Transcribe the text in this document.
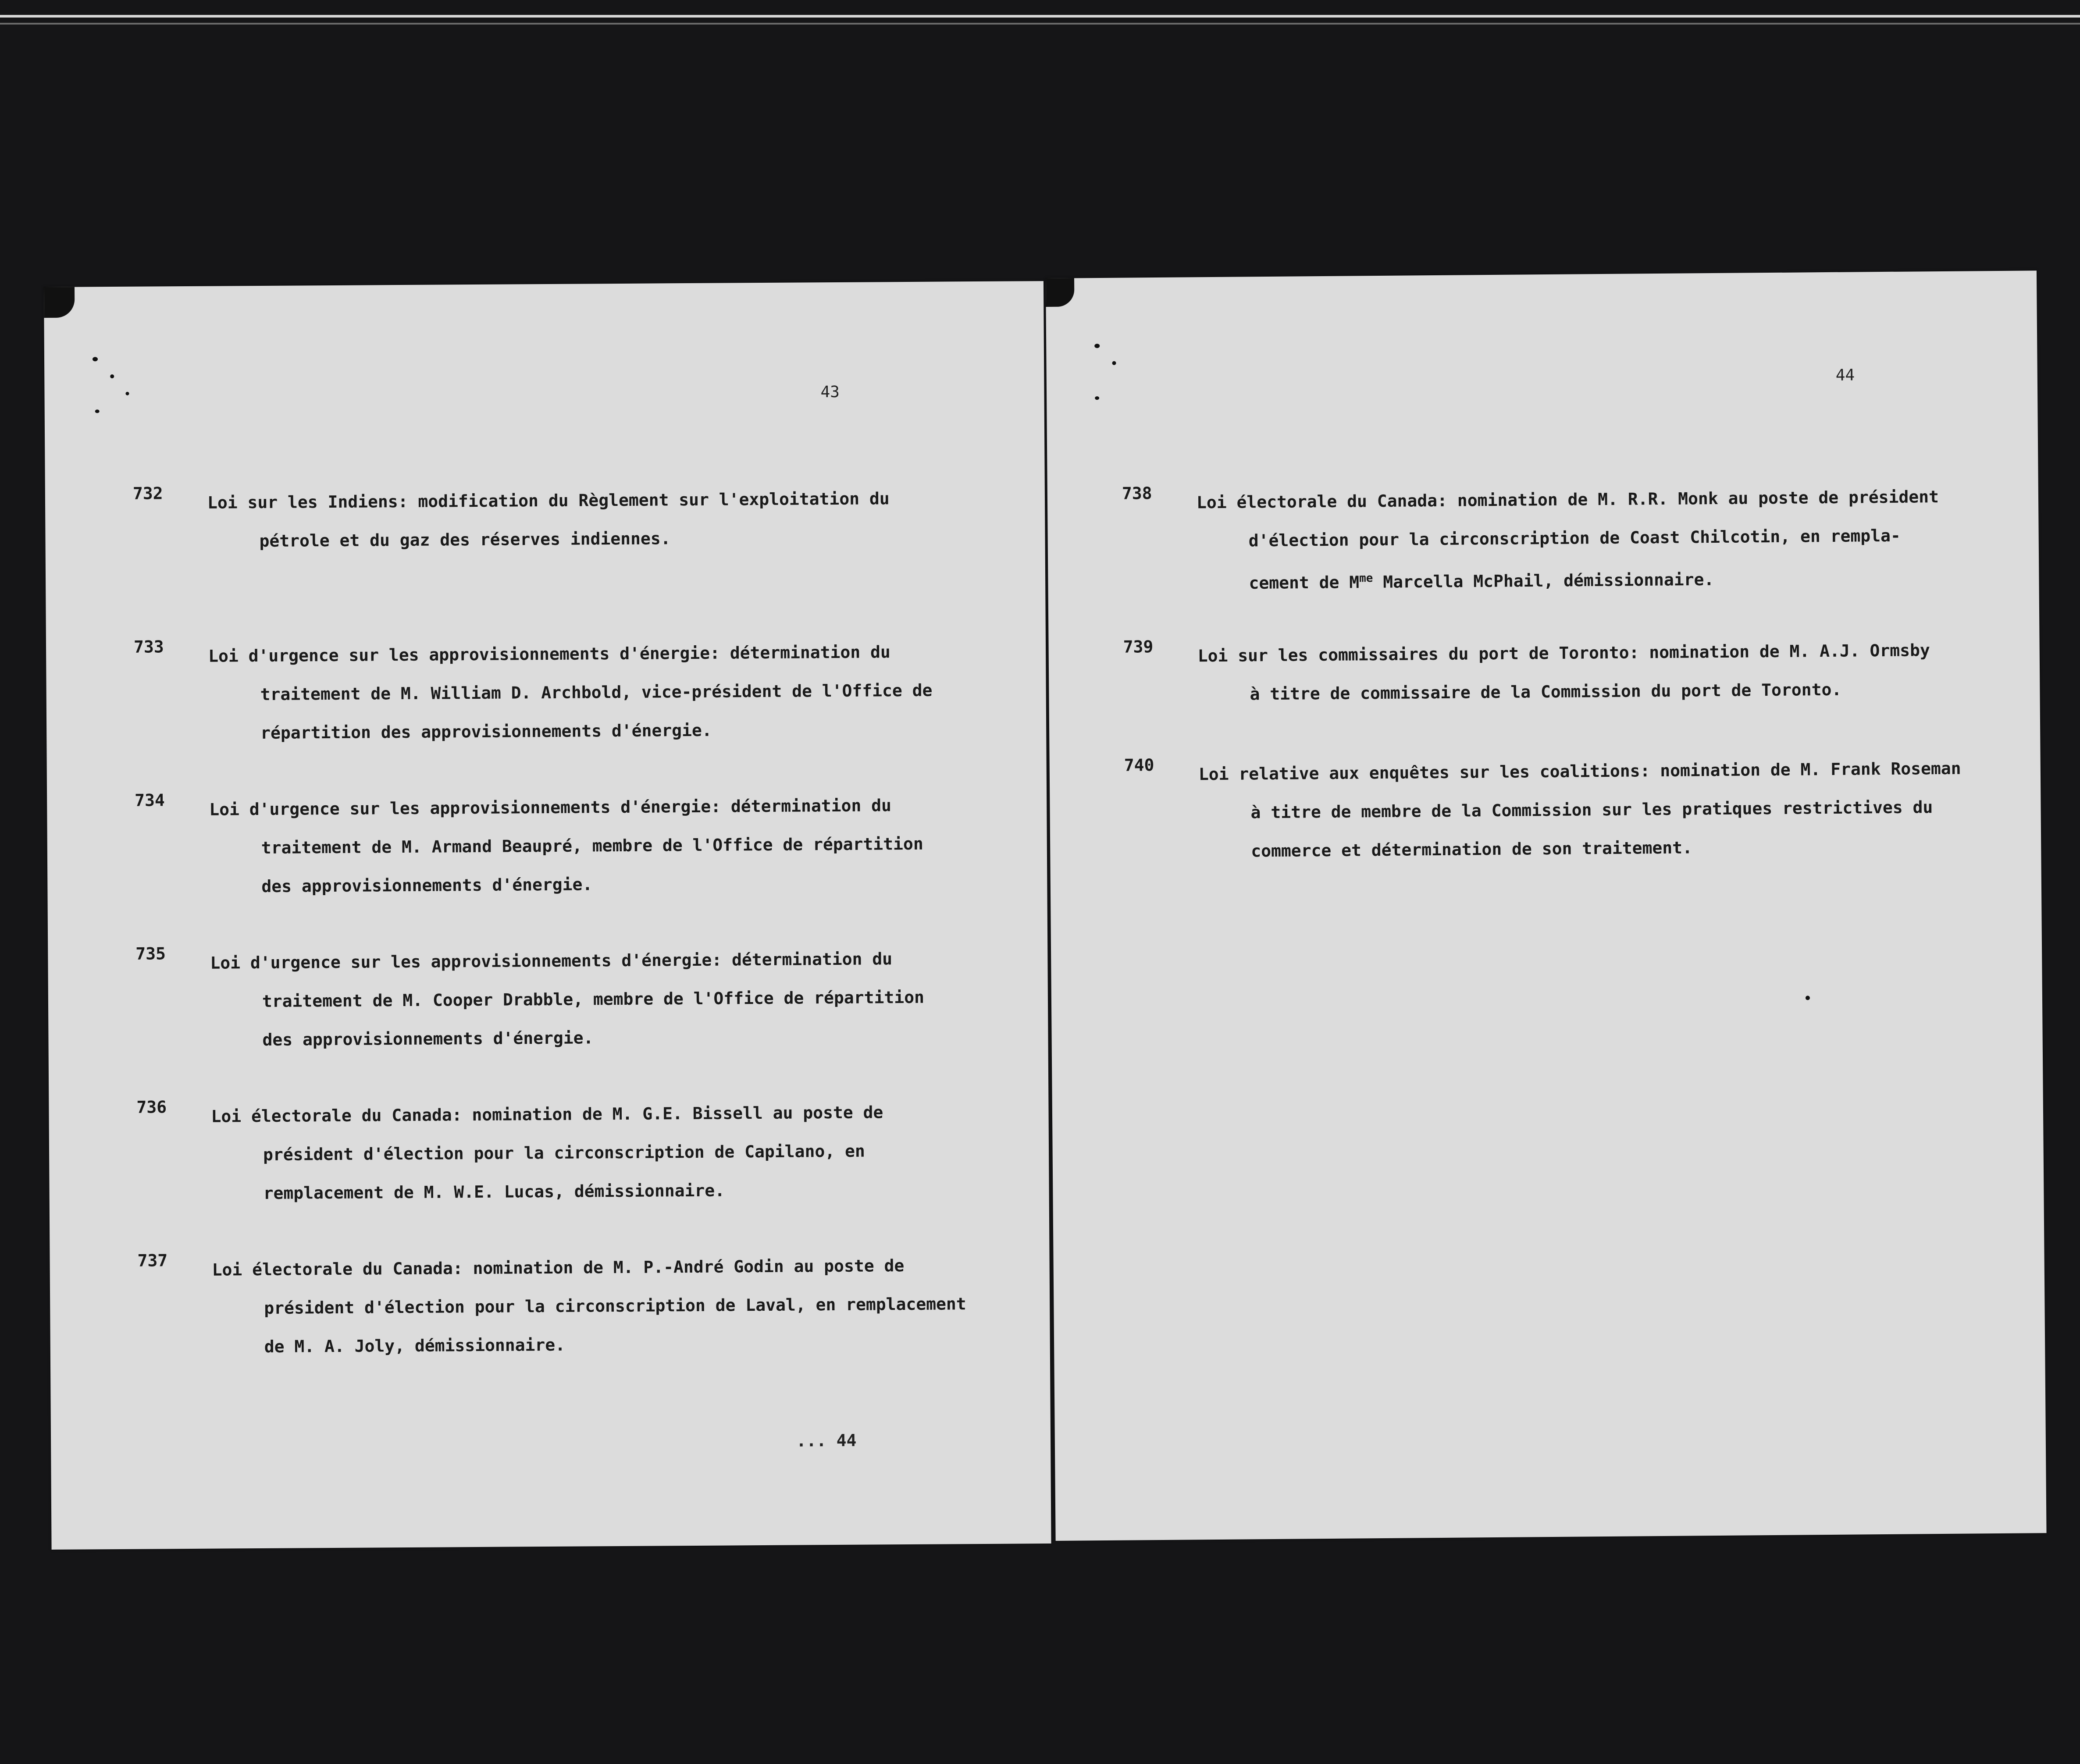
43
732	Loi sur les Indiens: modification du Règlement sur l'exploitation du
pétrole et du gaz des réserves indiennes.
733	Loi d'urgence sur les approvisionnements d'énergie: détermination du
traitement de M. William D. Archbold, vice-président de l'Office de
répartition des approvisionnements d'énergie.
734	Loi d'urgence sur les approvisionnements d'énergie: détermination du
traitement de M. Armand Beaupré, membre de l'Office de répartition
des approvisionnements d'énergie.
735	Loi d'urgence sur les approvisionnements d'énergie: détermination du
traitement de M. Cooper Drabble, membre de l'Office de répartition
des approvisionnements d'énergie.
736	Loi électorale du Canada: nomination de M. G.E. Bissell au poste de
président d'élection pour la circonscription de Capilano, en
remplacement de M. W.E. Lucas, démissionnaire.
737	Loi électorale du Canada: nomination de M. P.-André Godin au poste de
président d'élection pour la circonscription de Laval, en remplacement
de M. A. Joly, démissionnaire.
... 44
44
738	Loi électorale du Canada: nomination de M. R.R. Monk au poste de président
d'élection pour la circonscription de Coast Chilcotin, en rempla-
cement de $M^{me}$ Marcella McPhail, démissionnaire.
739	Loi sur les commissaires du port de Toronto: nomination de M. A.J. Ormsby
à titre de commissaire de la Commission du port de Toronto.
740	Loi relative aux enquêtes sur les coalitions: nomination de M. Frank Roseman
à titre de membre de la Commission sur les pratiques restrictives du
commerce et détermination de son traitement.
